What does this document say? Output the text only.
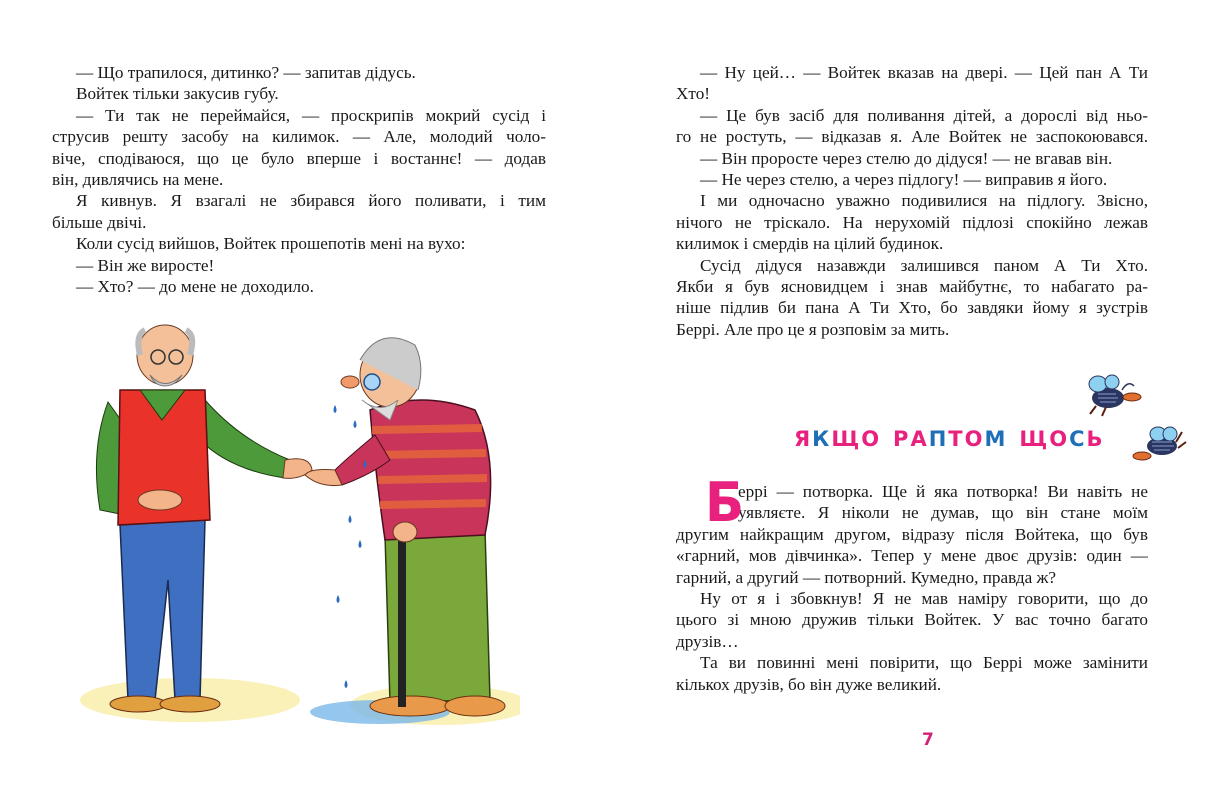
— Що трапилося, дитинко? — запитав дідусь.
Войтек тільки закусив губу.
— Ти так не переймайся, — проскрипів мокрий сусід і
струсив решту засобу на килимок. — Але, молодий чоло-
віче, сподіваюся, що це було вперше і востаннє! — додав
він, дивлячись на мене.
Я кивнув. Я взагалі не збирався його поливати, і тим
більше двічі.
Коли сусід вийшов, Войтек прошепотів мені на вухо:
— Він же виросте!
— Хто? — до мене не доходило.
— Ну цей… — Войтек вказав на двері. — Цей пан А Ти
Хто!
— Це був засіб для поливання дітей, а дорослі від ньо-
го не ростуть, — відказав я. Але Войтек не заспокоювався.
— Він проросте через стелю до дідуся! — не вгавав він.
— Не через стелю, а через підлогу! — виправив я його.
І ми одночасно уважно подивилися на підлогу. Звісно,
нічого не тріскало. На нерухомій підлозі спокійно лежав
килимок і смердів на цілий будинок.
Сусід дідуся назавжди залишився паном А Ти Хто.
Якби я був ясновидцем і знав майбутнє, то набагато ра-
ніше підлив би пана А Ти Хто, бо завдяки йому я зустрів
Беррі. Але про це я розповім за мить.
ЯКЩО РАПТОМ ЩОСЬ
Б
еррі — потворка. Ще й яка потворка! Ви навіть не
уявляєте. Я ніколи не думав, що він стане моїм
другим найкращим другом, відразу після Войтека, що був
«гарний, мов дівчинка». Тепер у мене двоє друзів: один —
гарний, а другий — потворний. Кумедно, правда ж?
Ну от я і збовкнув! Я не мав наміру говорити, що до
цього зі мною дружив тільки Войтек. У вас точно багато
друзів…
Та ви повинні мені повірити, що Беррі може замінити
кількох друзів, бо він дуже великий.
7
